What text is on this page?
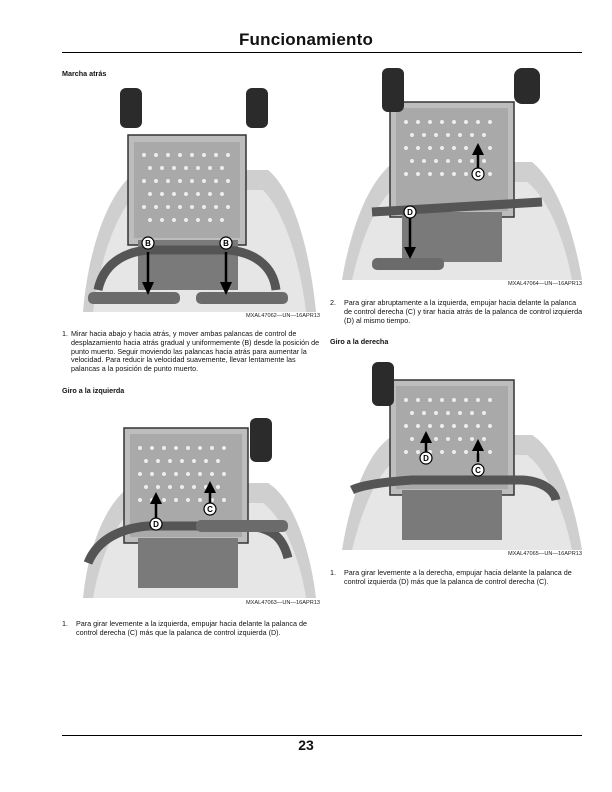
Funcionamiento
Marcha atrás
B	B
MXAL47062—UN—16APR13
1. Mirar hacia abajo y hacia atrás, y mover ambas palancas de control de desplazamiento hacia atrás gradual y uniformemente (B) desde la posición de punto muerto. Seguir moviendo las palancas hacia atrás para aumentar la velocidad. Para reducir la velocidad suavemente, llevar lentamente las palancas a la posición de punto muerto.
Giro a la izquierda
D
C
MXAL47063—UN—16APR13
1.	Para girar levemente a la izquierda, empujar hacia delante la palanca de control derecha (C) más que la palanca de control izquierda (D).
C
D
MXAL47064—UN—16APR13
2.	Para girar abruptamente a la izquierda, empujar hacia delante la palanca de control derecha (C) y tirar hacia atrás de la palanca de control izquierda (D) al mismo tiempo.
Giro a la derecha
D
C
MXAL47065—UN—16APR13
1.	Para girar levemente a la derecha, empujar hacia delante la palanca de control izquierda (D) más que la palanca de control derecha (C).
23
